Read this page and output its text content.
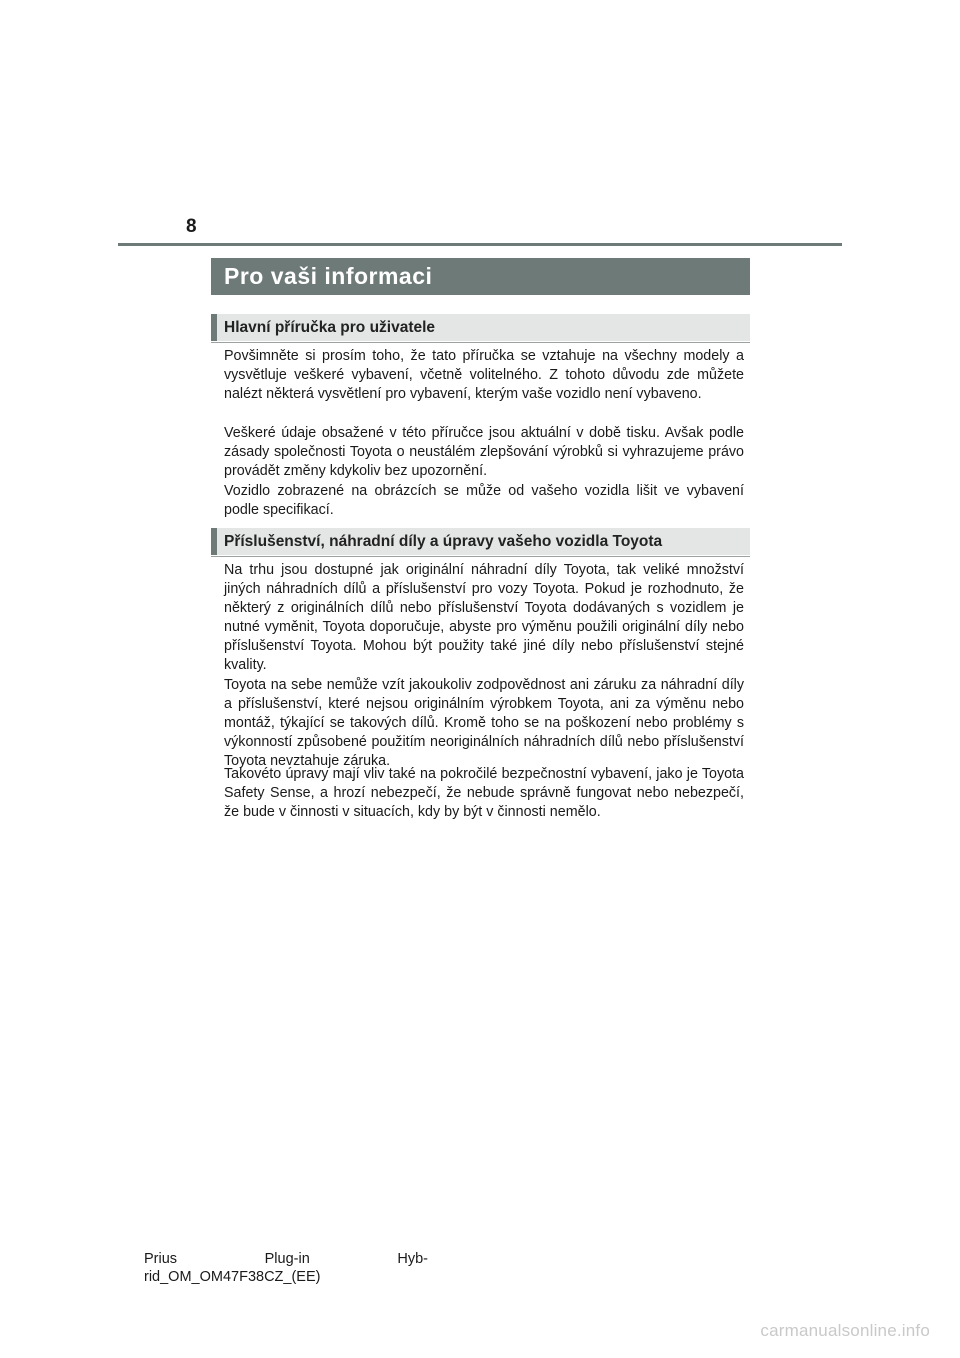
8
Pro vaši informaci
Hlavní příručka pro uživatele

Povšimněte si prosím toho, že tato příručka se vztahuje na všechny modely a vysvětluje veškeré vybavení, včetně volitelného. Z tohoto důvodu zde můžete nalézt některá vysvětlení pro vybavení, kterým vaše vozidlo není vybaveno.

Veškeré údaje obsažené v této příručce jsou aktuální v době tisku. Avšak podle zásady společnosti Toyota o neustálém zlepšování výrobků si vyhrazujeme právo provádět změny kdykoliv bez upozornění.

Vozidlo zobrazené na obrázcích se může od vašeho vozidla lišit ve vybavení podle specifikací.

Příslušenství, náhradní díly a úpravy vašeho vozidla Toyota

Na trhu jsou dostupné jak originální náhradní díly Toyota, tak veliké množství jiných náhradních dílů a příslušenství pro vozy Toyota. Pokud je rozhodnuto, že některý z originálních dílů nebo příslušenství Toyota dodávaných s vozidlem je nutné vyměnit, Toyota doporučuje, abyste pro výměnu použili originální díly nebo příslušenství Toyota. Mohou být použity také jiné díly nebo příslušenství stejné kvality.

Toyota na sebe nemůže vzít jakoukoliv zodpovědnost ani záruku za náhradní díly a příslušenství, které nejsou originálním výrobkem Toyota, ani za výměnu nebo montáž, týkající se takových dílů. Kromě toho se na poškození nebo problémy s výkonností způsobené použitím neoriginálních náhradních dílů nebo příslušenství Toyota nevztahuje záruka.

Takovéto úpravy mají vliv také na pokročilé bezpečnostní vybavení, jako je Toyota Safety Sense, a hrozí nebezpečí, že nebude správně fungovat nebo nebezpečí, že bude v činnosti v situacích, kdy by být v činnosti nemělo.

Prius	Plug-in	Hyb-
rid_OM_OM47F38CZ_(EE)
carmanualsonline.info
